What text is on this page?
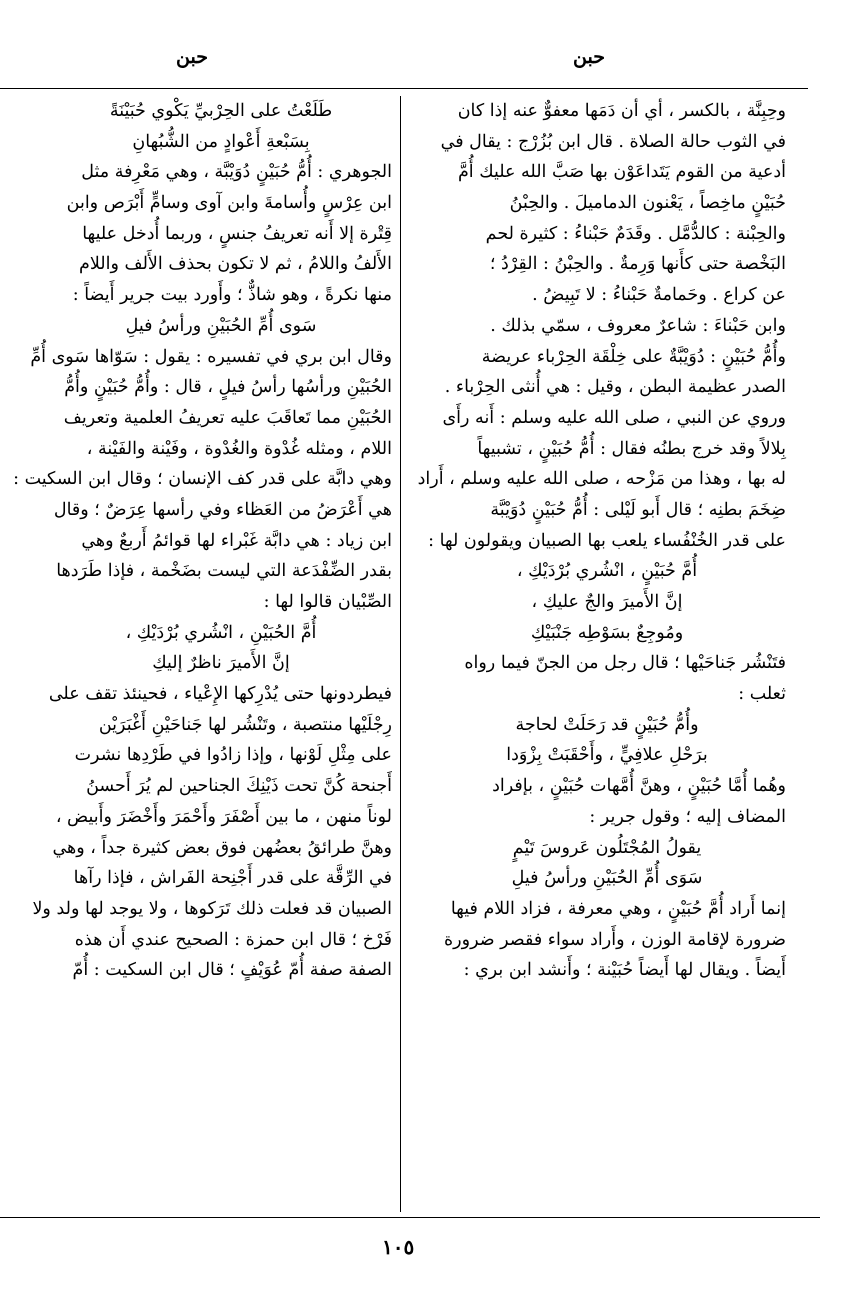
حبن
حبن
وحِبِنَّة ، بالكسر ، أي أن دَمَها معفوٌّ عنه إذا كان
في الثوب حالة الصلاة . قال ابن بُزُرْج : يقال في
أدعية من القوم يَتَداعَوْن بها صَبَّ الله عليك أُمَّ
حُبَيْنٍ ماخِصاً ، يَعْنون الدماميلَ . والحِبْنُ
والحِبْنة : كالدُّمَّل . وقَدَمٌ حَبْناءُ : كثيرة لحم
البَخْصة حتى كأَنها وَرِمةٌ . والحِبْنُ : القِرْدُ ؛
عن كراع . وحَمامةٌ حَبْناءُ : لا تَبِيضُ .
وابن حَبْناءَ : شاعرٌ معروف ، سمّي بذلك .
وأُمُّ حُبَيْنٍ : دُوَيْبَّةٌ على خِلْقَة الحِرْباء عريضة
الصدر عظيمة البطن ، وقيل : هي أُنثى الحِرْباء .
وروي عن النبي ، صلى الله عليه وسلم : أَنه رأَى
بِلالاً وقد خرج بطنُه فقال : أُمُّ حُبَيْنٍ ، تشبيهاً
له بها ، وهذا من مَزْحه ، صلى الله عليه وسلم ، أَراد
ضِخَمَ بطنِه ؛ قال أَبو لَيْلى : أُمُّ حُبَيْنٍ دُوَيْبَّة
على قدر الخُنْفُساء يلعب بها الصبيان ويقولون لها :
أُمَّ حُبَيْنٍ ، انْشُري بُرْدَيْكِ ،
إنَّ الأَميرَ والجٌ عليكِ ،
ومُوجِعٌ بسَوْطِه جَنْبَيْكِ
فتَنْشُر جَناحَيْها ؛ قال رجل من الجنّ فيما رواه
ثعلب :
وأُمُّ حُبَيْنٍ قد رَحَلَتْ لحاجة
برَحْلِ علافِيٍّ ، وأَحْقَبَتْ بِزْوَدا
وهُما أُمَّا حُبَيْنٍ ، وهنَّ أُمَّهات حُبَيْنٍ ، بإفراد
المضاف إليه ؛ وقول جرير :
يقولُ المُجْتَلُون عَروسَ تَيْمٍ
سَوَى أُمِّ الحُبَيْنِ ورأسُ فيلِ
إنما أَراد أُمَّ حُبَيْنٍ ، وهي معرفة ، فزاد اللام فيها
ضرورة لإقامة الوزن ، وأَراد سواء فقصر ضرورة
أَيضاً . ويقال لها أَيضاً حُبَيْنة ؛ وأَنشد ابن بري :
طَلَعْتُ على الحِرْبيِّ يَكْوي حُبَيْنَةً
بِسَبْعةِ أَعْوادٍ من الشُّبُهانِ
الجوهري : أُمُّ حُبَيْنٍ دُوَيْبَّة ، وهي مَعْرِفة مثل
ابن عِرْسٍ وأُسامةَ وابن آوى وسامٍّ أَبْرَص وابن
قِتْرة إلا أَنه تعريفُ جنسٍ ، وربما أُدخل عليها
الأَلفُ واللامُ ، ثم لا تكون بحذف الأَلف واللام
منها نكرةً ، وهو شاذٌّ ؛ وأَورد بيت جرير أَيضاً :
سَوى أُمِّ الحُبَيْنِ ورأسُ فيلِ
وقال ابن بري في تفسيره : يقول : سَوّاها سَوى أُمِّ
الحُبَيْنِ ورأسُها رأسُ فيلٍ ، قال : وأُمُّ حُبَيْنٍ وأُمُّ
الحُبَيْنِ مما تَعاقَبَ عليه تعريفُ العلمية وتعريف
اللام ، ومثله غُدْوة والغُدْوة ، وفَيْنة والفَيْنة ،
وهي دابَّة على قدر كف الإنسان ؛ وقال ابن السكيت :
هي أَعْرَضُ من العَظاء وفي رأسها عِرَضٌ ؛ وقال
ابن زياد : هي دابَّة غَبْراء لها قوائمُ أَربعٌ وهي
بقدر الضِّفْدَعة التي ليست بضَخْمة ، فإذا طَرَدها
الصِّبْيان قالوا لها :
أُمَّ الحُبَيْنِ ، انْشُري بُرْدَيْكِ ،
إنَّ الأَميرَ ناظرٌ إليكِ
فيطردونها حتى يُدْرِكها الإِعْياء ، فحينئذ تقف على
رِجْلَيْها منتصبة ، وتَنْشُر لها جَناحَيْنِ أَغْبَرَيْن
على مِثْلِ لَوْنها ، وإذا زادُوا في طَرْدِها نشرت
أَجنحة كُنَّ تحت ذَيْنِكَ الجناحين لم يُرَ أَحسنُ
لوناً منهن ، ما بين أَصْفَرَ وأَحْمَرَ وأَخْضَرَ وأَبيض ،
وهنَّ طرائقُ بعضُهن فوق بعض كثيرة جداً ، وهي
في الرِّقَّة على قدر أَجْنِحة الفَراش ، فإذا رآها
الصبيان قد فعلت ذلك تَرَكوها ، ولا يوجد لها ولد ولا
فَرْخ ؛ قال ابن حمزة : الصحيح عندي أَن هذه
الصفة صفة أُمّ عُوَيْفٍ ؛ قال ابن السكيت : أُمّ
١٠٥
